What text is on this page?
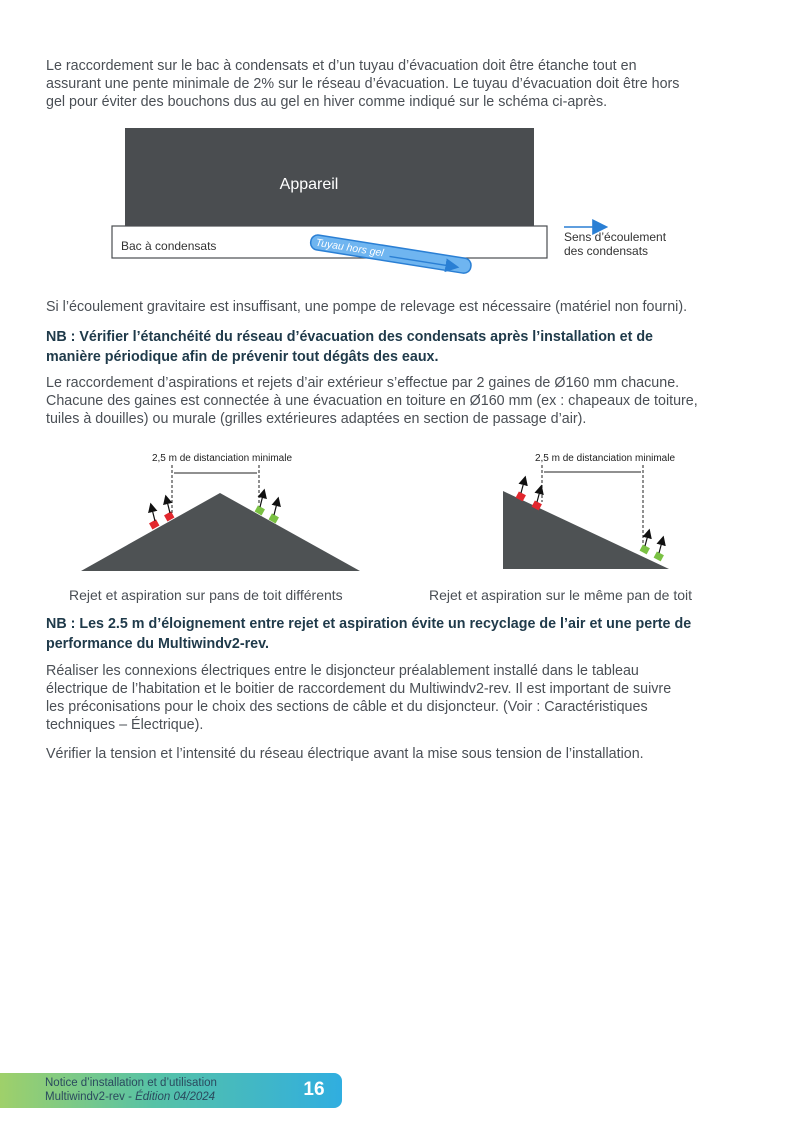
Le raccordement sur le bac à condensats et d’un tuyau d’évacuation doit être étanche tout en
assurant une pente minimale de 2% sur le réseau d’évacuation. Le tuyau d’évacuation doit être hors
gel pour éviter des bouchons dus au gel en hiver comme indiqué sur le schéma ci-après.
Appareil
Bac à condensats	Tuyau hors gel	Sens d’écoulement
des condensats

Si l’écoulement gravitaire est insuffisant, une pompe de relevage est nécessaire (matériel non fourni).

NB : Vérifier l’étanchéité du réseau d’évacuation des condensats après l’installation et de
manière périodique afin de prévenir tout dégâts des eaux.
Le raccordement d’aspirations et rejets d’air extérieur s’effectue par 2 gaines de Ø160 mm chacune.
Chacune des gaines est connectée à une évacuation en toiture en Ø160 mm (ex : chapeaux de toiture,
tuiles à douilles) ou murale (grilles extérieures adaptées en section de passage d’air).
2,5 m de distanciation minimale	2,5 m de distanciation minimale
Rejet et aspiration sur pans de toit différents	Rejet et aspiration sur le même pan de toit
NB : Les 2.5 m d’éloignement entre rejet et aspiration évite un recyclage de l’air et une perte de
performance du Multiwindv2-rev.
Réaliser les connexions électriques entre le disjoncteur préalablement installé dans le tableau
électrique de l’habitation et le boitier de raccordement du Multiwindv2-rev. Il est important de suivre
les préconisations pour le choix des sections de câble et du disjoncteur. (Voir : Caractéristiques
techniques – Électrique).

Vérifier la tension et l’intensité du réseau électrique avant la mise sous tension de l’installation.

Notice d’installation et d’utilisation
Multiwindv2-rev - Édition 04/2024	16
